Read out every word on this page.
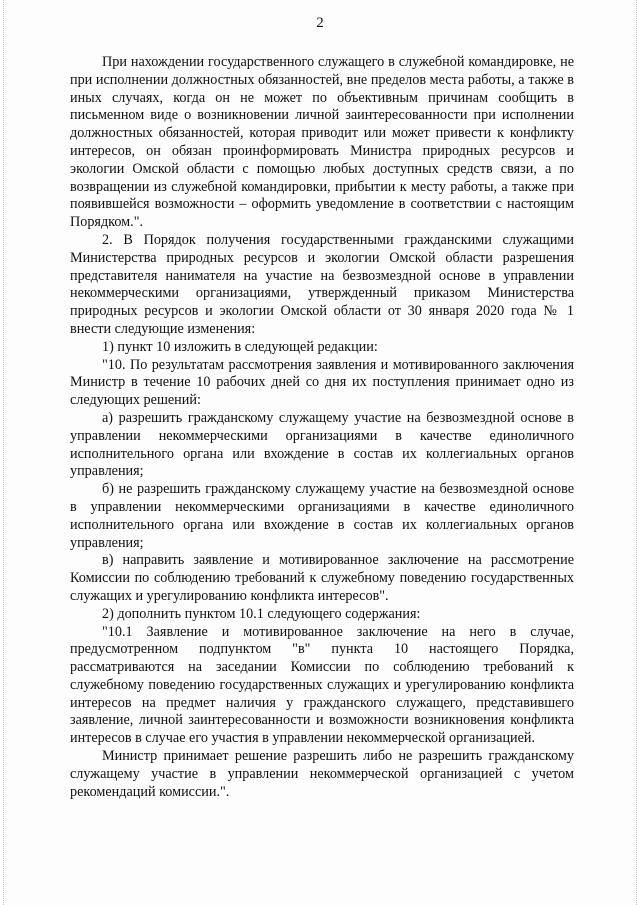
2

При нахождении государственного служащего в служебной командировке, не при исполнении должностных обязанностей, вне пределов места работы, а также в иных случаях, когда он не может по объективным причинам сообщить в письменном виде о возникновении личной заинтересованности при исполнении должностных обязанностей, которая приводит или может привести к конфликту интересов, он обязан проинформировать Министра природных ресурсов и экологии Омской области с помощью любых доступных средств связи, а по возвращении из служебной командировки, прибытии к месту работы, а также при появившейся возможности – оформить уведомление в соответствии с настоящим Порядком.".

2. В Порядок получения государственными гражданскими служащими Министерства природных ресурсов и экологии Омской области разрешения представителя нанимателя на участие на безвозмездной основе в управлении некоммерческими организациями, утвержденный приказом Министерства природных ресурсов и экологии Омской области от 30 января 2020 года № 1 внести следующие изменения:

1) пункт 10 изложить в следующей редакции:

"10. По результатам рассмотрения заявления и мотивированного заключения Министр в течение 10 рабочих дней со дня их поступления принимает одно из следующих решений:

а) разрешить гражданскому служащему участие на безвозмездной основе в управлении некоммерческими организациями в качестве единоличного исполнительного органа или вхождение в состав их коллегиальных органов управления;

б) не разрешить гражданскому служащему участие на безвозмездной основе в управлении некоммерческими организациями в качестве единоличного исполнительного органа или вхождение в состав их коллегиальных органов управления;

в) направить заявление и мотивированное заключение на рассмотрение Комиссии по соблюдению требований к служебному поведению государственных служащих и урегулированию конфликта интересов".

2) дополнить пунктом 10.1 следующего содержания:

"10.1 Заявление и мотивированное заключение на него в случае, предусмотренном подпунктом "в" пункта 10 настоящего Порядка, рассматриваются на заседании Комиссии по соблюдению требований к служебному поведению государственных служащих и урегулированию конфликта интересов на предмет наличия у гражданского служащего, представившего заявление, личной заинтересованности и возможности возникновения конфликта интересов в случае его участия в управлении некоммерческой организацией.

Министр принимает решение разрешить либо не разрешить гражданскому служащему участие в управлении некоммерческой организацией с учетом рекомендаций комиссии.".
